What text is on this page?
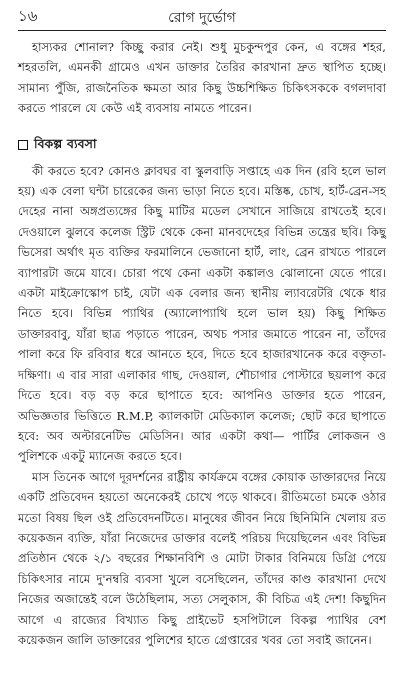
১৬	রোগ দুর্ভোগ

হাস্যকর শোনাল? কিচ্ছু করার নেই। শুধু মুচকুন্দপুর কেন, এ বঙ্গের শহর, শহরতলি, এমনকী গ্রামেও এখন ডাক্তার তৈরির কারখানা দ্রুত স্থাপিত হচ্ছে। সামান্য পুঁজি, রাজনৈতিক ক্ষমতা আর কিছু উচ্চশিক্ষিত চিকিৎসককে বগলদাবা করতে পারলে যে কেউ এই ব্যবসায় নামতে পারেন।

বিকল্প ব্যবসা

কী করতে হবে? কোনও ক্লাবঘর বা স্কুলবাড়ি সপ্তাহে এক দিন (রবি হলে ভাল হয়) এক বেলা ঘন্টা চারেকের জন্য ভাড়া নিতে হবে। মস্তিষ্ক, চোখ, হার্ট-ব্রেন-সহ দেহের নানা অঙ্গপ্রত্যঙ্গের কিছু মাটির মডেল সেখানে সাজিয়ে রাখতেই হবে। দেওয়ালে ঝুলবে কলেজ স্ট্রিট থেকে কেনা মানবদেহের বিভিন্ন তন্ত্রের ছবি। কিছু ভিসেরা অর্থাৎ মৃত ব্যক্তির ফরমালিনে ভেজানো হার্ট, লাং, ব্রেন রাখতে পারলে ব্যাপারটা জমে যাবে। চোরা পথে কেনা একটা কঙ্কালও ঝোলানো যেতে পারে। একটা মাইক্রোস্কোপ চাই, যেটা এক বেলার জন্য স্থানীয় ল্যাবরেটরি থেকে ধার নিতে হবে। বিভিন্ন প্যাথির (অ্যালোপ্যাথি হলে ভাল হয়) কিছু শিক্ষিত ডাক্তারবাবু, যাঁরা ছাত্র পড়াতে পারেন, অথচ পসার জমাতে পারেন না, তাঁদের পালা করে ফি রবিবার ধরে আনতে হবে, দিতে হবে হাজারখানেক করে বক্তৃতা-দক্ষিণা। এ বার সারা এলাকার গাছ, দেওয়াল, শৌচাগার পোস্টারে ছয়লাপ করে দিতে হবে। বড় বড় করে ছাপাতে হবে: আপনিও ডাক্তার হতে পারেন, অভিজ্ঞতার ভিত্তিতে R.M.P, ক্যালকাটা মেডিক্যাল কলেজ; ছোট করে ছাপাতে হবে: অব অল্টারনেটিভ মেডিসিন। আর একটা কথা— পার্টির লোকজন ও পুলিশকে একটু ম্যানেজ করতে হবে।

মাস তিনেক আগে দূরদর্শনের রাষ্ট্রীয় কার্যক্রমে বঙ্গের কোয়াক ডাক্তারদের নিয়ে একটি প্রতিবেদন হয়তো অনেকেরই চোখে পড়ে থাকবে। রীতিমতো চমকে ওঠার মতো বিষয় ছিল ওই প্রতিবেদনটিতে। মানুষের জীবন নিয়ে ছিনিমিনি খেলায় রত কয়েকজন ব্যক্তি, যাঁরা নিজেদের ডাক্তার বলেই পরিচয় দিয়েছিলেন এবং বিভিন্ন প্রতিষ্ঠান থেকে ২/১ বছরের শিক্ষানবিশি ও মোটা টাকার বিনিময়ে ডিগ্রি পেয়ে চিকিৎসার নামে দু'নম্বরি ব্যবসা খুলে বসেছিলেন, তাঁদের কাণ্ড কারখানা দেখে নিজের অজান্তেই বলে উঠেছিলাম, সত্য সেলুকাস, কী বিচিত্র এই দেশ! কিছুদিন আগে এ রাজ্যের বিখ্যাত কিছু প্রাইভেট হসপিটালে বিকল্প প্যাথির বেশ কয়েকজন জালি ডাক্তারের পুলিশের হাতে গ্রেপ্তারের খবর তো সবাই জানেন।
